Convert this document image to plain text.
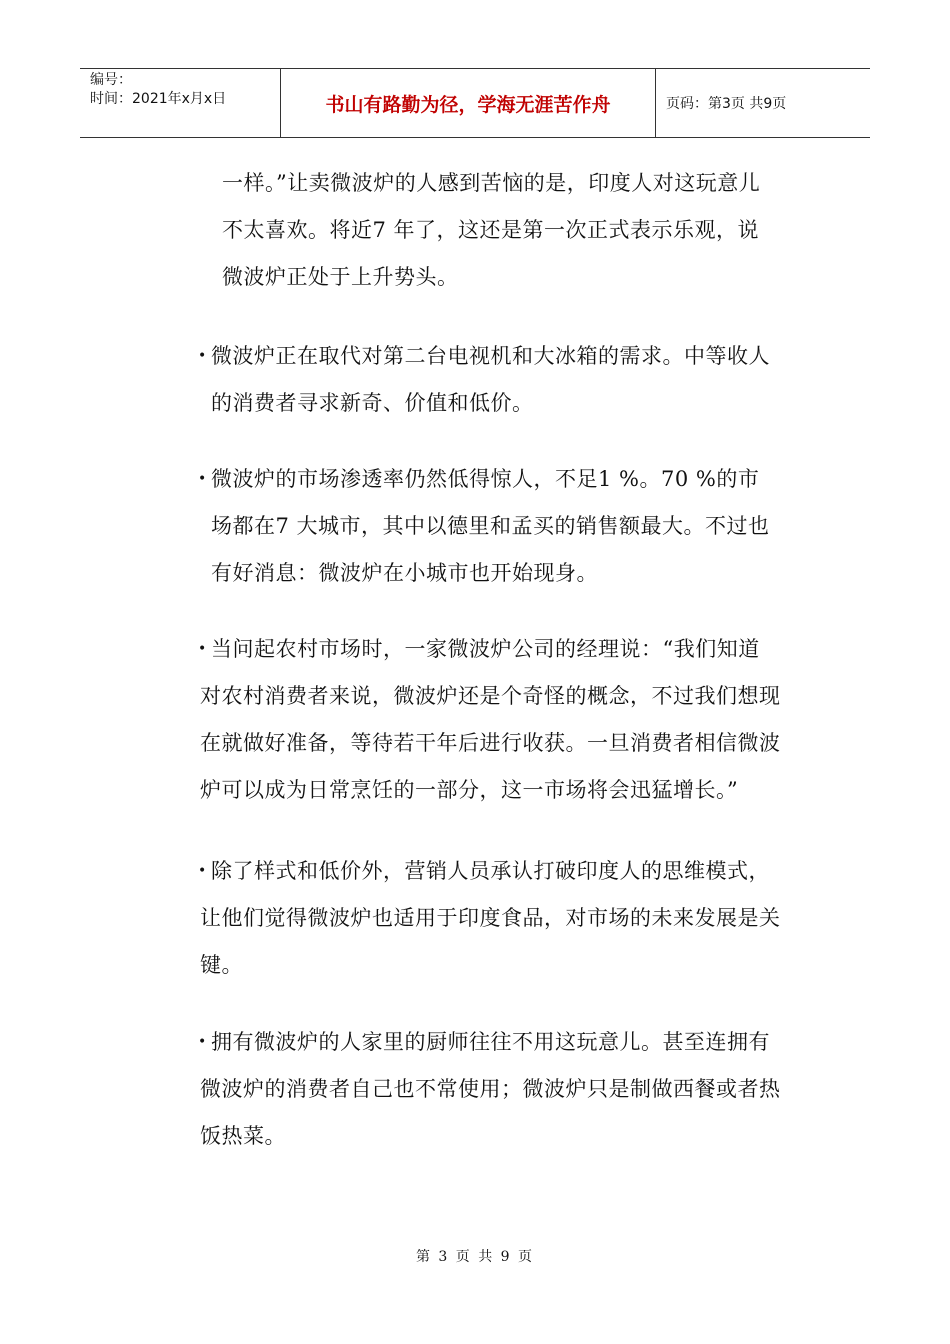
编号：
时间：2021年x月x日	书山有路勤为径，学海无涯苦作舟	页码：第3页 共9页
一样。”让卖微波炉的人感到苦恼的是，印度人对这玩意儿
不太喜欢。将近7 年了，这还是第一次正式表示乐观，说
微波炉正处于上升势头。
• 微波炉正在取代对第二台电视机和大冰箱的需求。中等收人
的消费者寻求新奇、价值和低价。
• 微波炉的市场渗透率仍然低得惊人，不足1 %。70 %的市
场都在7 大城市，其中以德里和孟买的销售额最大。不过也
有好消息：微波炉在小城市也开始现身。
• 当问起农村市场时，一家微波炉公司的经理说：“我们知道
对农村消费者来说，微波炉还是个奇怪的概念，不过我们想现
在就做好准备，等待若干年后进行收获。一旦消费者相信微波
炉可以成为日常烹饪的一部分，这一市场将会迅猛增长。”
• 除了样式和低价外，营销人员承认打破印度人的思维模式，
让他们觉得微波炉也适用于印度食品，对市场的未来发展是关
键。
• 拥有微波炉的人家里的厨师往往不用这玩意儿。甚至连拥有
微波炉的消费者自己也不常使用；微波炉只是制做西餐或者热
饭热菜。
第 3 页 共 9 页
